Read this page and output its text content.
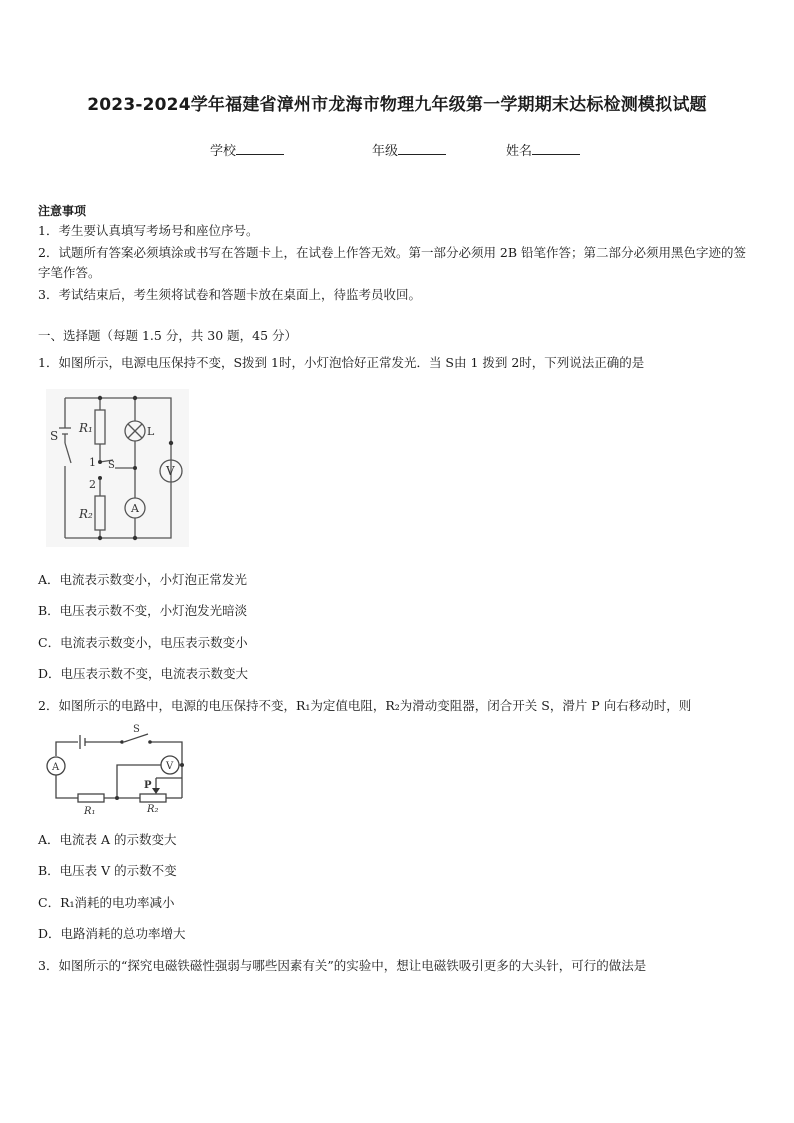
2023-2024学年福建省漳州市龙海市物理九年级第一学期期末达标检测模拟试题
学校	年级	姓名
注意事项
1．考生要认真填写考场号和座位序号。
2．试题所有答案必须填涂或书写在答题卡上，在试卷上作答无效。第一部分必须用 2B 铅笔作答；第二部分必须用黑色字迹的签字笔作答。
3．考试结束后，考生须将试卷和答题卡放在桌面上，待监考员收回。
一、选择题（每题 1.5 分，共 30 题，45 分）
1．如图所示，电源电压保持不变，S拨到 1时，小灯泡恰好正常发光．当 S由 1 拨到 2时，下列说法正确的是
S
R₁	L
1
2
S
R₂	A
V
A．电流表示数变小，小灯泡正常发光
B．电压表示数不变，小灯泡发光暗淡
C．电流表示数变小，电压表示数变小
D．电压表示数不变，电流表示数变大
2．如图所示的电路中，电源的电压保持不变，R₁为定值电阻，R₂为滑动变阻器，闭合开关 S，滑片 P 向右移动时，则
S
A	V
P
R₁	R₂
A．电流表 A 的示数变大
B．电压表 V 的示数不变
C．R₁消耗的电功率减小
D．电路消耗的总功率增大
3．如图所示的“探究电磁铁磁性强弱与哪些因素有关”的实验中，想让电磁铁吸引更多的大头针，可行的做法是
